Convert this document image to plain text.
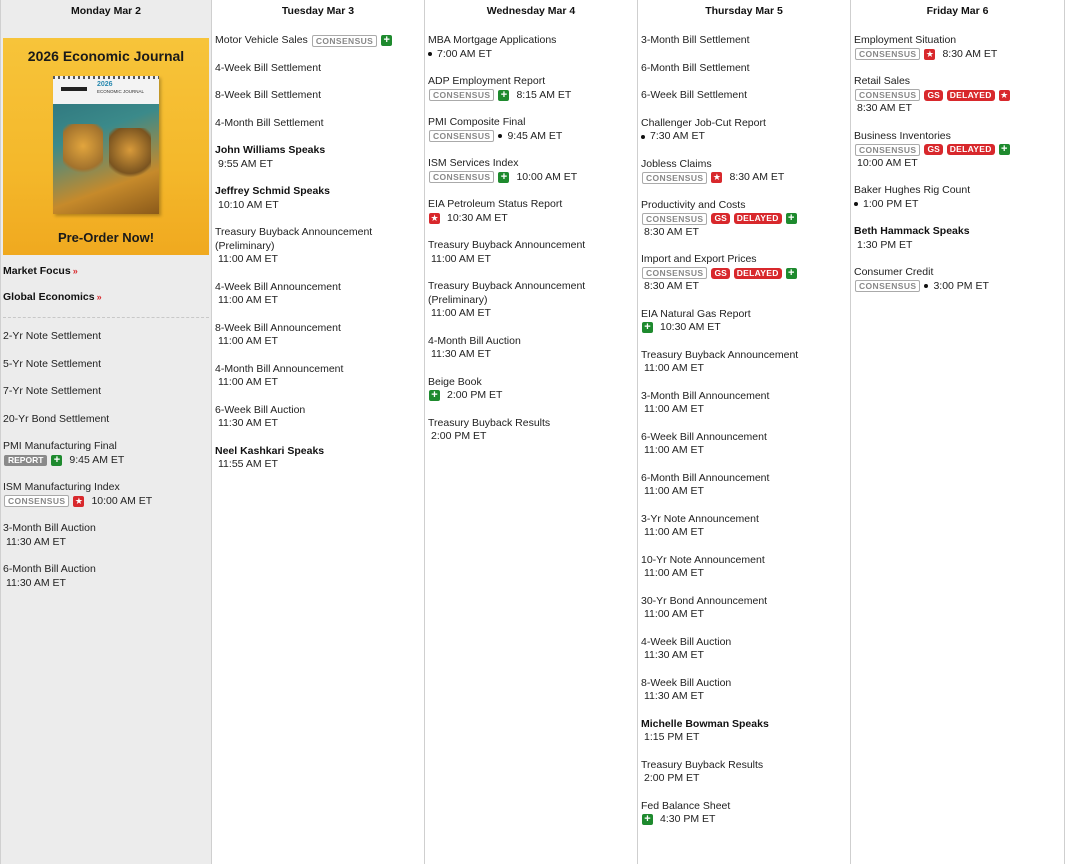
Monday Mar 2
2026 Economic Journal
2026
ECONOMIC JOURNAL
Pre-Order Now!
Market Focus »
Global Economics »
2-Yr Note Settlement
5-Yr Note Settlement
7-Yr Note Settlement
20-Yr Bond Settlement
PMI Manufacturing Final
REPORT + 9:45 AM ET
ISM Manufacturing Index
CONSENSUS	★ 10:00 AM ET
3-Month Bill Auction
11:30 AM ET
6-Month Bill Auction
11:30 AM ET
Tuesday Mar 3
Motor Vehicle Sales CONSENSUS +
4-Week Bill Settlement
8-Week Bill Settlement
4-Month Bill Settlement
John Williams Speaks
9:55 AM ET
Jeffrey Schmid Speaks
10:10 AM ET
Treasury Buyback Announcement (Preliminary)
11:00 AM ET
4-Week Bill Announcement
11:00 AM ET
8-Week Bill Announcement
11:00 AM ET
4-Month Bill Announcement
11:00 AM ET
6-Week Bill Auction
11:30 AM ET
Neel Kashkari Speaks
11:55 AM ET
Wednesday Mar 4
MBA Mortgage Applications
7:00 AM ET
ADP Employment Report
CONSENSUS + 8:15 AM ET
PMI Composite Final
CONSENSUS	9:45 AM ET
ISM Services Index
CONSENSUS + 10:00 AM ET
EIA Petroleum Status Report
★ 10:30 AM ET
Treasury Buyback Announcement
11:00 AM ET
Treasury Buyback Announcement (Preliminary)
11:00 AM ET
4-Month Bill Auction
11:30 AM ET
Beige Book
+ 2:00 PM ET
Treasury Buyback Results
2:00 PM ET
Thursday Mar 5
3-Month Bill Settlement
6-Month Bill Settlement
6-Week Bill Settlement
Challenger Job-Cut Report
7:30 AM ET
Jobless Claims
CONSENSUS	★ 8:30 AM ET
Productivity and Costs
CONSENSUS	GS	DELAYED +
8:30 AM ET
Import and Export Prices
CONSENSUS	GS	DELAYED +
8:30 AM ET
EIA Natural Gas Report
+ 10:30 AM ET
Treasury Buyback Announcement
11:00 AM ET
3-Month Bill Announcement
11:00 AM ET
6-Week Bill Announcement
11:00 AM ET
6-Month Bill Announcement
11:00 AM ET
3-Yr Note Announcement
11:00 AM ET
10-Yr Note Announcement
11:00 AM ET
30-Yr Bond Announcement
11:00 AM ET
4-Week Bill Auction
11:30 AM ET
8-Week Bill Auction
11:30 AM ET
Michelle Bowman Speaks
1:15 PM ET
Treasury Buyback Results
2:00 PM ET
Fed Balance Sheet
+ 4:30 PM ET
Friday Mar 6
Employment Situation
CONSENSUS	★ 8:30 AM ET
Retail Sales
CONSENSUS	GS	DELAYED ★
8:30 AM ET
Business Inventories
CONSENSUS	GS	DELAYED +
10:00 AM ET
Baker Hughes Rig Count
1:00 PM ET
Beth Hammack Speaks
1:30 PM ET
Consumer Credit
CONSENSUS	3:00 PM ET
